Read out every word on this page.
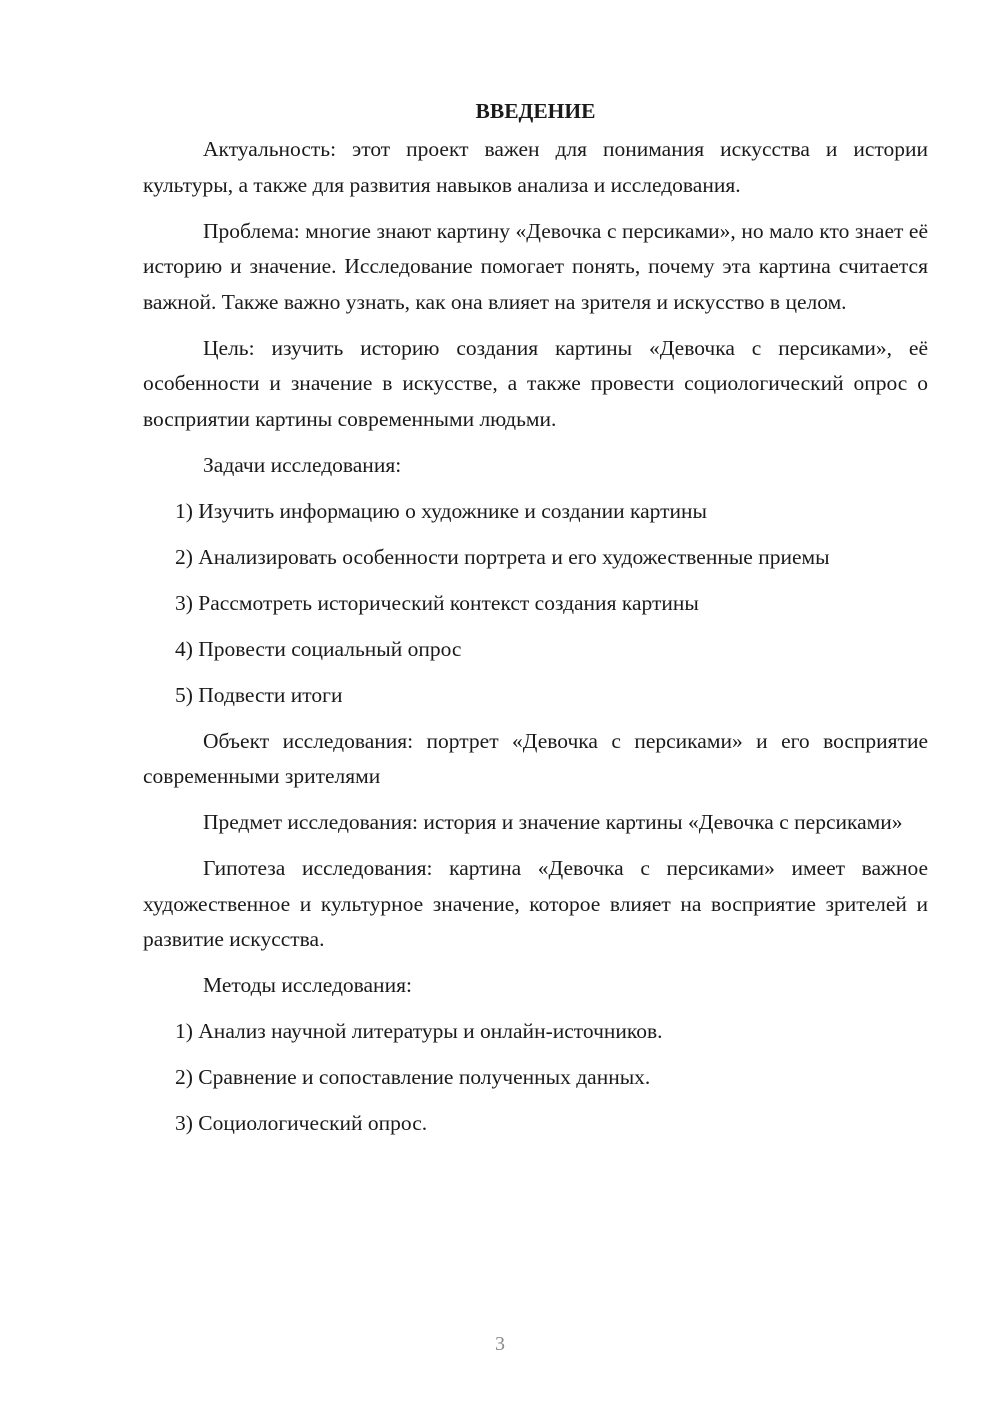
ВВЕДЕНИЕ

Актуальность: этот проект важен для понимания искусства и истории культуры, а также для развития навыков анализа и исследования.

Проблема: многие знают картину «Девочка с персиками», но мало кто знает её историю и значение. Исследование помогает понять, почему эта картина считается важной. Также важно узнать, как она влияет на зрителя и искусство в целом.

Цель: изучить историю создания картины «Девочка с персиками», её особенности и значение в искусстве, а также провести социологический опрос о восприятии картины современными людьми.

Задачи исследования:

1) Изучить информацию о художнике и создании картины

2) Анализировать особенности портрета и его художественные приемы

3) Рассмотреть исторический контекст создания картины

4) Провести социальный опрос

5) Подвести итоги

Объект исследования: портрет «Девочка с персиками» и его восприятие современными зрителями

Предмет исследования: история и значение картины «Девочка с персиками»

Гипотеза исследования: картина «Девочка с персиками» имеет важное художественное и культурное значение, которое влияет на восприятие зрителей и развитие искусства.

Методы исследования:

1) Анализ научной литературы и онлайн-источников.

2) Сравнение и сопоставление полученных данных.

3) Социологический опрос.

3
